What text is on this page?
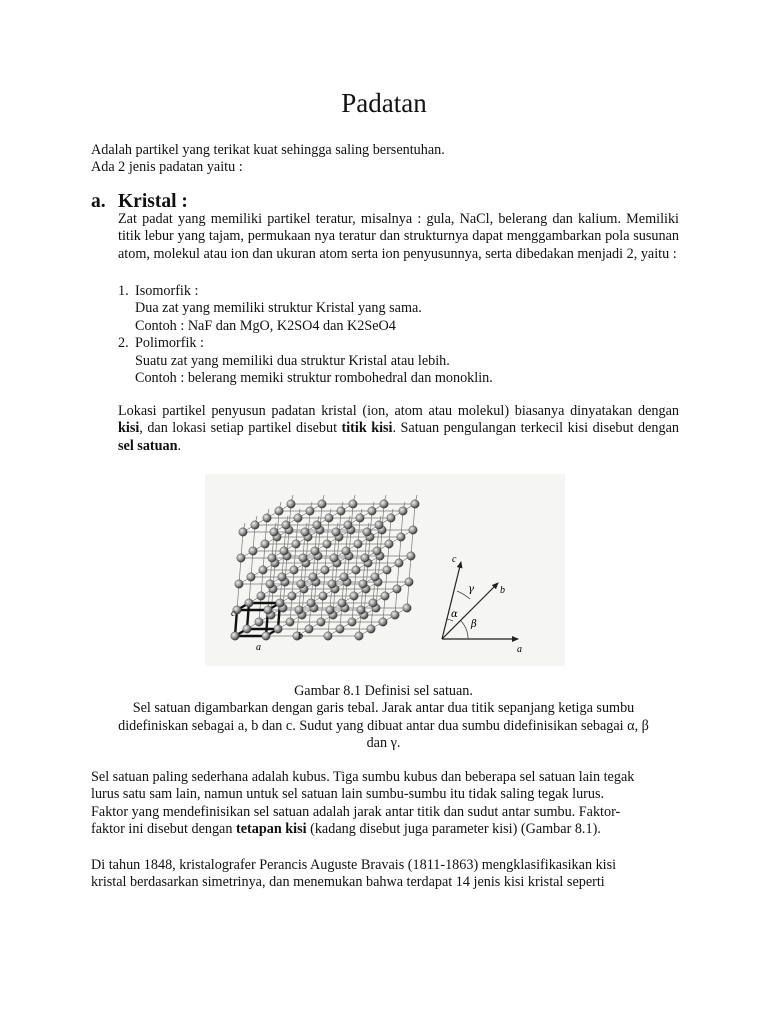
Padatan

Adalah partikel yang terikat kuat sehingga saling bersentuhan.
Ada 2 jenis padatan yaitu :

a. Kristal :

Zat padat yang memiliki partikel teratur, misalnya : gula, NaCl, belerang dan kalium. Memiliki titik lebur yang tajam, permukaan nya teratur dan strukturnya dapat menggambarkan pola susunan atom, molekul atau ion dan ukuran atom serta ion penyusunnya, serta dibedakan menjadi 2, yaitu :

1. Isomorfik :
Dua zat yang memiliki struktur Kristal yang sama.
Contoh : NaF dan MgO, K2SO4 dan K2SeO4
2. Polimorfik :
Suatu zat yang memiliki dua struktur Kristal atau lebih.
Contoh : belerang memiki struktur rombohedral dan monoklin.

Lokasi partikel penyusun padatan kristal (ion, atom atau molekul) biasanya dinyatakan dengan kisi, dan lokasi setiap partikel disebut titik kisi. Satuan pengulangan terkecil kisi disebut dengan sel satuan.

c
a
b
a
c
b
β
α
γ

Gambar 8.1 Definisi sel satuan.
Sel satuan digambarkan dengan garis tebal. Jarak antar dua titik sepanjang ketiga sumbu
didefiniskan sebagai a, b dan c. Sudut yang dibuat antar dua sumbu didefinisikan sebagai α, β
dan γ.

Sel satuan paling sederhana adalah kubus. Tiga sumbu kubus dan beberapa sel satuan lain tegak
lurus satu sam lain, namun untuk sel satuan lain sumbu-sumbu itu tidak saling tegak lurus.
Faktor yang mendefinisikan sel satuan adalah jarak antar titik dan sudut antar sumbu. Faktor-
faktor ini disebut dengan tetapan kisi (kadang disebut juga parameter kisi) (Gambar 8.1).

Di tahun 1848, kristalografer Perancis Auguste Bravais (1811-1863) mengklasifikasikan kisi
kristal berdasarkan simetrinya, dan menemukan bahwa terdapat 14 jenis kisi kristal seperti
